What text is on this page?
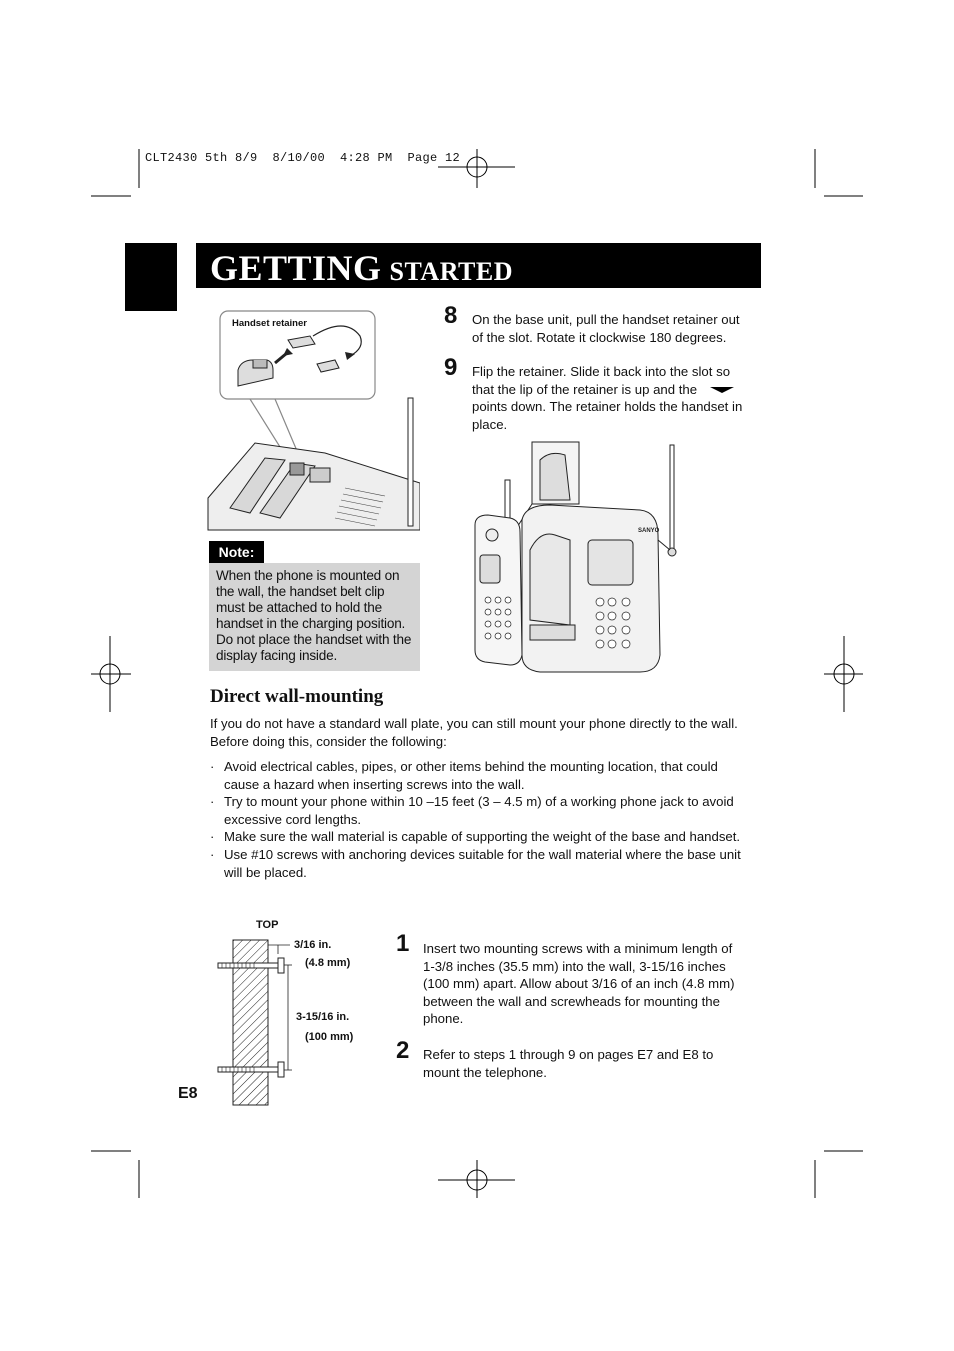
CLT2430 5th 8/9  8/10/00  4:28 PM  Page 12
GETTING STARTED
Handset retainer	8 On the base unit, pull the handset retainer out of the slot. Rotate it clockwise 180 degrees.
9 Flip the retainer. Slide it back into the slot so that the lip of the retainer is up and the  points down. The retainer holds the handset in place.
SANYO
Note:
When the phone is mounted on the wall, the handset belt clip must be attached to hold the handset in the charging position. Do not place the handset with the display facing inside.
Direct wall-mounting
If you do not have a standard wall plate, you can still mount your phone directly to the wall. Before doing this, consider the following:
· Avoid electrical cables, pipes, or other items behind the mounting location, that could cause a hazard when inserting screws into the wall.
· Try to mount your phone within 10 –15 feet (3 – 4.5 m) of a working phone jack to avoid excessive cord lengths.
· Make sure the wall material is capable of supporting the weight of the base and handset.
· Use #10 screws with anchoring devices suitable for the wall material where the base unit will be placed.
TOP
3/16 in.
(4.8 mm)
3-15/16 in.
(100 mm)
1 Insert two mounting screws with a minimum length of 1-3/8 inches (35.5 mm) into the wall, 3-15/16 inches (100 mm) apart. Allow about 3/16 of an inch (4.8 mm) between the wall and screwheads for mounting the phone.
2 Refer to steps 1 through 9 on pages E7 and E8 to mount the telephone.
E8
